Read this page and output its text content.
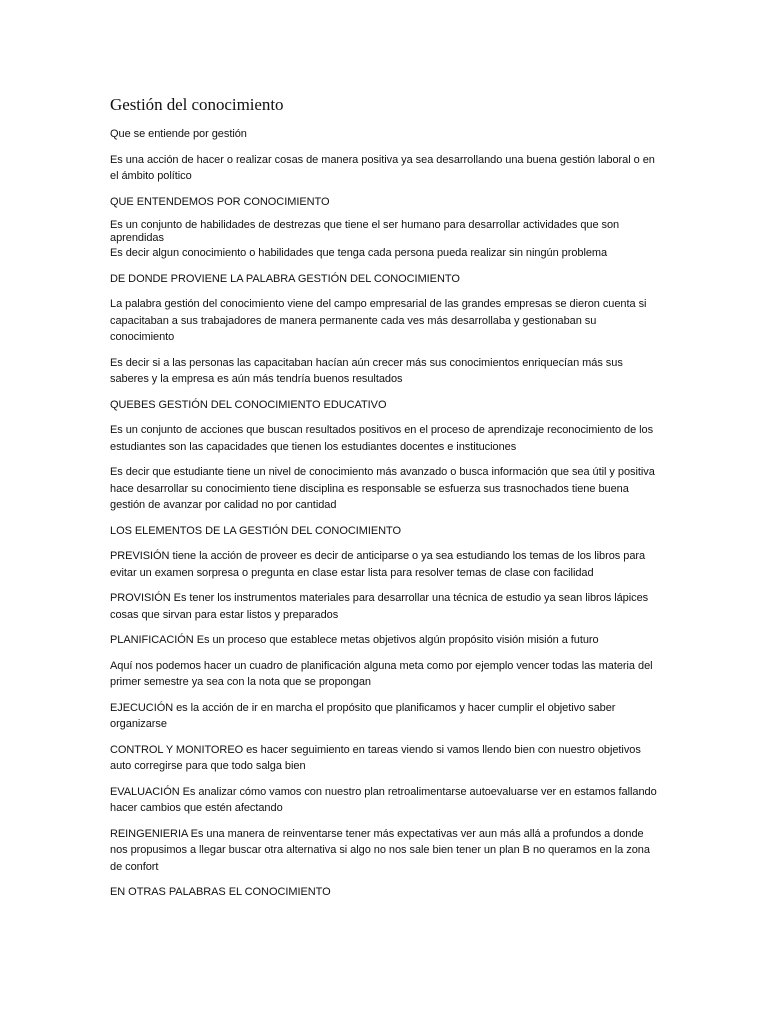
Gestión del conocimiento

Que se entiende por gestión

Es una acción de hacer o realizar cosas de manera positiva ya sea desarrollando una buena gestión laboral o en el ámbito político

QUE ENTENDEMOS POR CONOCIMIENTO

Es un conjunto de habilidades de destrezas que tiene el ser humano para desarrollar actividades que son aprendidas

Es decir algun conocimiento o habilidades que tenga cada persona pueda realizar sin ningún problema

DE DONDE PROVIENE LA PALABRA GESTIÓN DEL CONOCIMIENTO

La palabra gestión del conocimiento viene del campo empresarial de las grandes empresas se dieron cuenta si capacitaban a sus trabajadores de manera permanente cada ves más desarrollaba y gestionaban su conocimiento

Es decir si a las personas las capacitaban hacían aún crecer más sus conocimientos enriquecían más sus saberes y la empresa es aún más tendría buenos resultados

QUEBES GESTIÓN DEL CONOCIMIENTO EDUCATIVO

Es un conjunto de acciones que buscan resultados positivos en el proceso de aprendizaje reconocimiento de los estudiantes son las capacidades que tienen los estudiantes docentes e instituciones

Es decir que estudiante tiene un nivel de conocimiento más avanzado o busca información que sea útil y positiva hace desarrollar su conocimiento tiene disciplina es responsable se esfuerza sus trasnochados tiene buena gestión de avanzar por calidad no por cantidad

LOS ELEMENTOS DE LA GESTIÓN DEL CONOCIMIENTO

PREVISIÓN tiene la acción de proveer es decir de anticiparse o ya sea estudiando los temas de los libros para evitar un examen sorpresa o pregunta en clase estar lista para resolver temas de clase con facilidad

PROVISIÓN Es tener los instrumentos materiales para desarrollar una técnica de estudio ya sean libros lápices cosas que sirvan para estar listos y preparados

PLANIFICACIÓN Es un proceso que establece metas objetivos algún propósito visión misión a futuro

Aquí nos podemos hacer un cuadro de planificación alguna meta como por ejemplo vencer todas las materia del primer semestre ya sea con la nota que se propongan

EJECUCIÓN es la acción de ir en marcha el propósito que planificamos y hacer cumplir el objetivo saber organizarse

CONTROL Y MONITOREO es hacer seguimiento en tareas viendo si vamos llendo bien con nuestro objetivos auto corregirse para que todo salga bien

EVALUACIÓN Es analizar cómo vamos con nuestro plan retroalimentarse autoevaluarse ver en estamos fallando hacer cambios que estén afectando

REINGENIERIA Es una manera de reinventarse tener más expectativas ver aun más allá a profundos a donde nos propusimos a llegar buscar otra alternativa si algo no nos sale bien tener un plan B no queramos en la zona de confort

EN OTRAS PALABRAS EL CONOCIMIENTO
